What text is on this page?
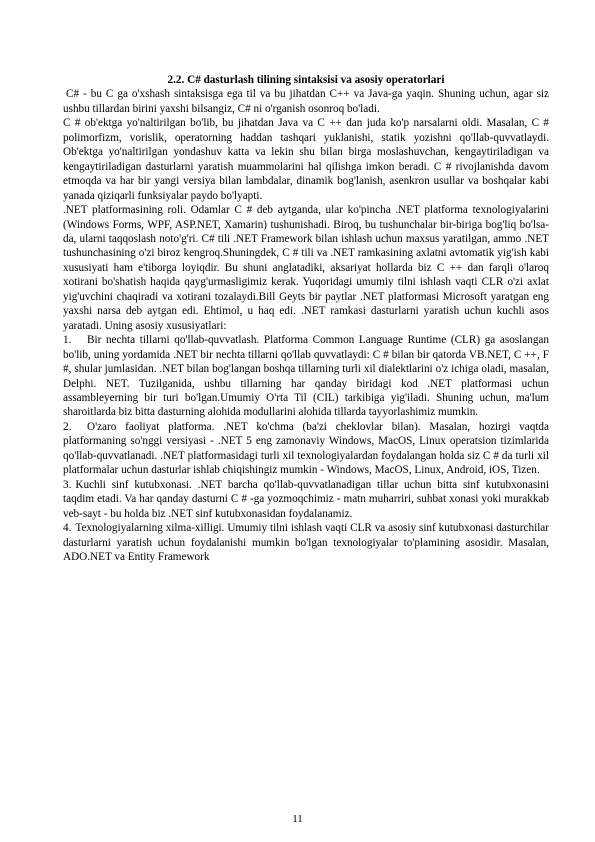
2.2. C# dasturlash tilining sintaksisi va asosiy operatorlari

C# - bu C ga o'xshash sintaksisga ega til va bu jihatdan C++ va Java-ga yaqin. Shuning uchun, agar siz ushbu tillardan birini yaxshi bilsangiz, C# ni o'rganish osonroq bo'ladi.

C # ob'ektga yo'naltirilgan bo'lib, bu jihatdan Java va C ++ dan juda ko'p narsalarni oldi. Masalan, C # polimorfizm, vorislik, operatorning haddan tashqari yuklanishi, statik yozishni qo'llab-quvvatlaydi. Ob'ektga yo'naltirilgan yondashuv katta va lekin shu bilan birga moslashuvchan, kengaytiriladigan va kengaytiriladigan dasturlarni yaratish muammolarini hal qilishga imkon beradi. C # rivojlanishda davom etmoqda va har bir yangi versiya bilan lambdalar, dinamik bog'lanish, asenkron usullar va boshqalar kabi yanada qiziqarli funksiyalar paydo bo'lyapti.

.NET platformasining roli. Odamlar C # deb aytganda, ular ko'pincha .NET platforma texnologiyalarini (Windows Forms, WPF, ASP.NET, Xamarin) tushunishadi. Biroq, bu tushunchalar bir-biriga bog'liq bo'lsa-da, ularni taqqoslash noto'g'ri. C# tili .NET Framework bilan ishlash uchun maxsus yaratilgan, ammo .NET tushunchasining o'zi biroz kengroq.Shuningdek, C # tili va .NET ramkasining axlatni avtomatik yig'ish kabi xususiyati ham e'tiborga loyiqdir. Bu shuni anglatadiki, aksariyat hollarda biz C ++ dan farqli o'laroq xotirani bo'shatish haqida qayg'urmasligimiz kerak. Yuqoridagi umumiy tilni ishlash vaqti CLR o'zi axlat yig'uvchini chaqiradi va xotirani tozalaydi.Bill Geyts bir paytlar .NET platformasi Microsoft yaratgan eng yaxshi narsa deb aytgan edi. Ehtimol, u haq edi. .NET ramkasi dasturlarni yaratish uchun kuchli asos yaratadi. Uning asosiy xususiyatlari:

1. Bir nechta tillarni qo'llab-quvvatlash. Platforma Common Language Runtime (CLR) ga asoslangan bo'lib, uning yordamida .NET bir nechta tillarni qo'llab quvvatlaydi: C # bilan bir qatorda VB.NET, C ++, F #, shular jumlasidan. .NET bilan bog'langan boshqa tillarning turli xil dialektlarini o'z ichiga oladi, masalan, Delphi. NET. Tuzilganida, ushbu tillarning har qanday biridagi kod .NET platformasi uchun assambleyerning bir turi bo'lgan.Umumiy O'rta Til (CIL) tarkibiga yig'iladi. Shuning uchun, ma'lum sharoitlarda biz bitta dasturning alohida modullarini alohida tillarda tayyorlashimiz mumkin.

2. O'zaro faoliyat platforma. .NET ko'chma (ba'zi cheklovlar bilan). Masalan, hozirgi vaqtda platformaning so'nggi versiyasi - .NET 5 eng zamonaviy Windows, MacOS, Linux operatsion tizimlarida qo'llab-quvvatlanadi. .NET platformasidagi turli xil texnologiyalardan foydalangan holda siz C # da turli xil platformalar uchun dasturlar ishlab chiqishingiz mumkin - Windows, MacOS, Linux, Android, iOS, Tizen.

3. Kuchli sinf kutubxonasi. .NET barcha qo'llab-quvvatlanadigan tillar uchun bitta sinf kutubxonasini taqdim etadi. Va har qanday dasturni C # -ga yozmoqchimiz - matn muharriri, suhbat xonasi yoki murakkab veb-sayt - bu holda biz .NET sinf kutubxonasidan foydalanamiz.

4. Texnologiyalarning xilma-xilligi. Umumiy tilni ishlash vaqti CLR va asosiy sinf kutubxonasi dasturchilar dasturlarni yaratish uchun foydalanishi mumkin bo'lgan texnologiyalar to'plamining asosidir. Masalan, ADO.NET va Entity Framework

11
